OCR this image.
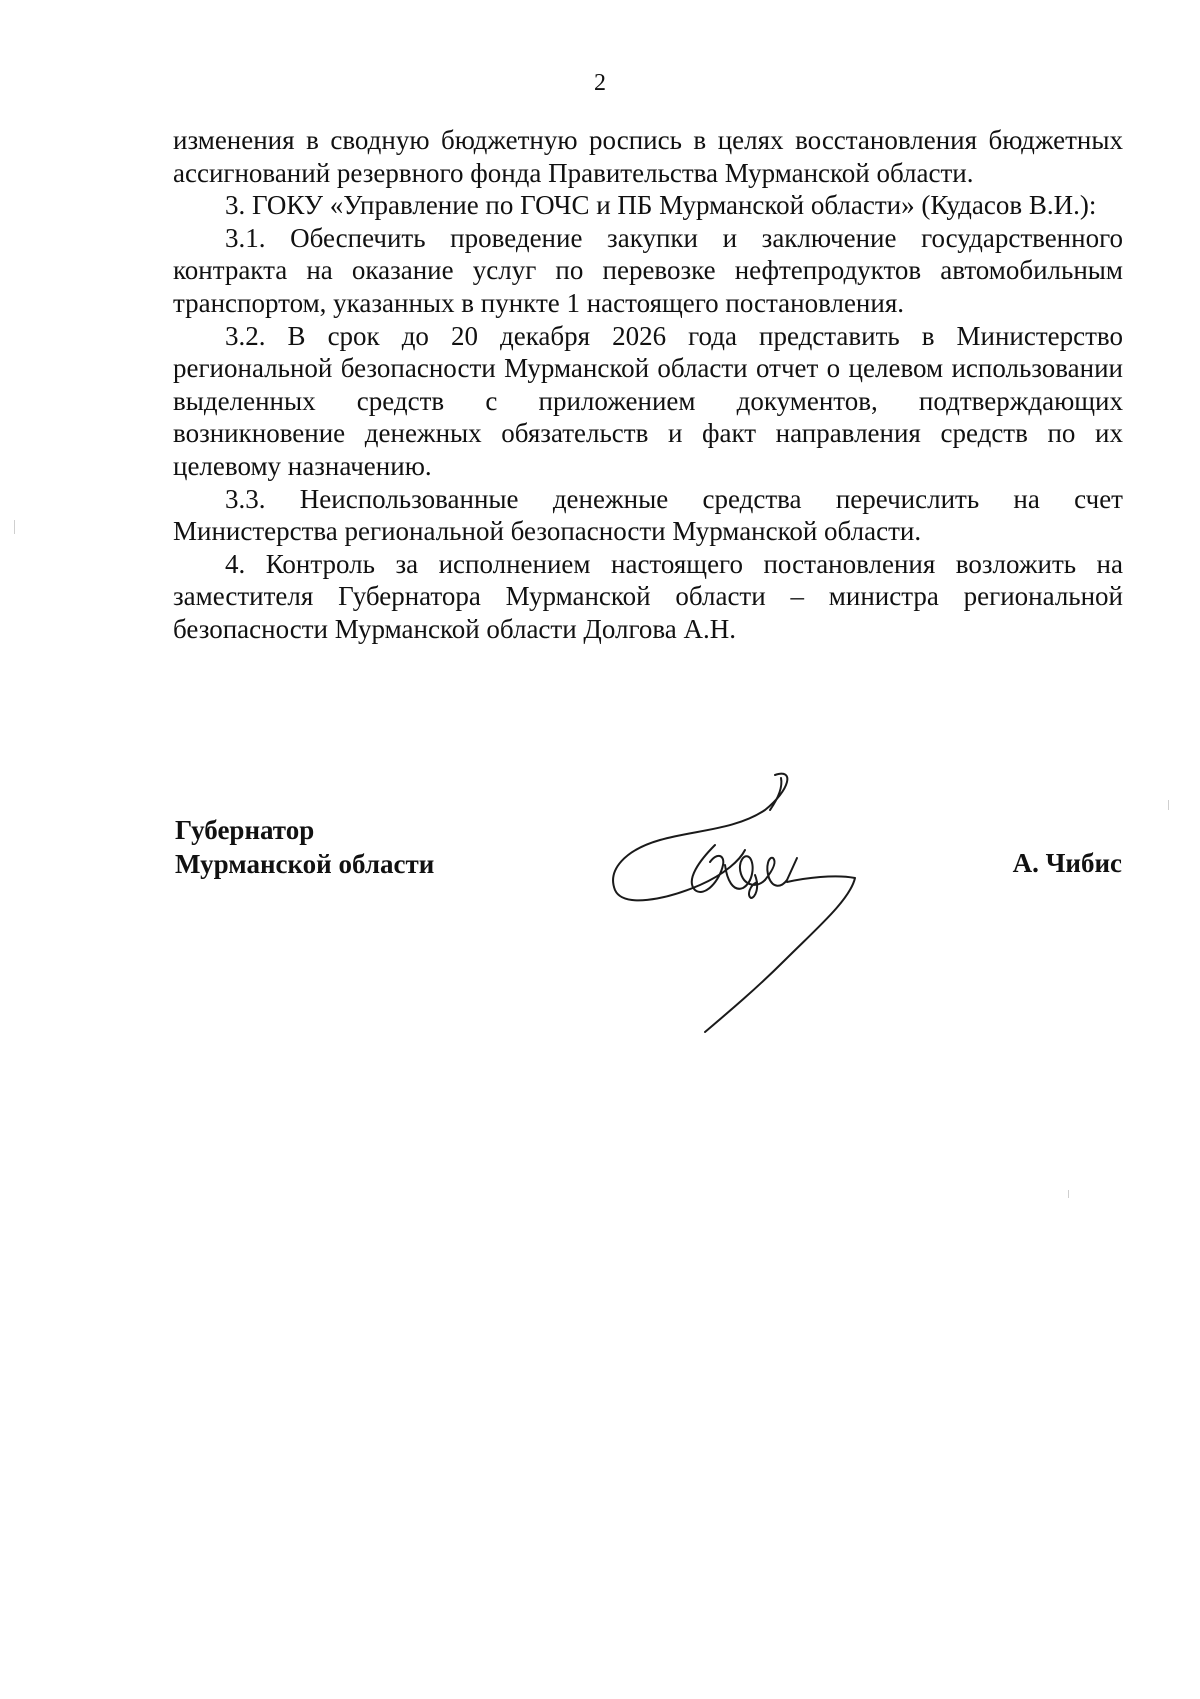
2

изменения в сводную бюджетную роспись в целях восстановления бюджетных ассигнований резервного фонда Правительства Мурманской области.

3. ГОКУ «Управление по ГОЧС и ПБ Мурманской области» (Кудасов В.И.):

3.1. Обеспечить проведение закупки и заключение государственного контракта на оказание услуг по перевозке нефтепродуктов автомобильным транспортом, указанных в пункте 1 настоящего постановления.

3.2. В срок до 20 декабря 2026 года представить в Министерство региональной безопасности Мурманской области отчет о целевом использовании выделенных средств с приложением документов, подтверждающих возникновение денежных обязательств и факт направления средств по их целевому назначению.

3.3. Неиспользованные денежные средства перечислить на счет Министерства региональной безопасности Мурманской области.

4. Контроль за исполнением настоящего постановления возложить на заместителя Губернатора Мурманской области – министра региональной безопасности Мурманской области Долгова А.Н.

Губернатор
Мурманской области	А. Чибис
